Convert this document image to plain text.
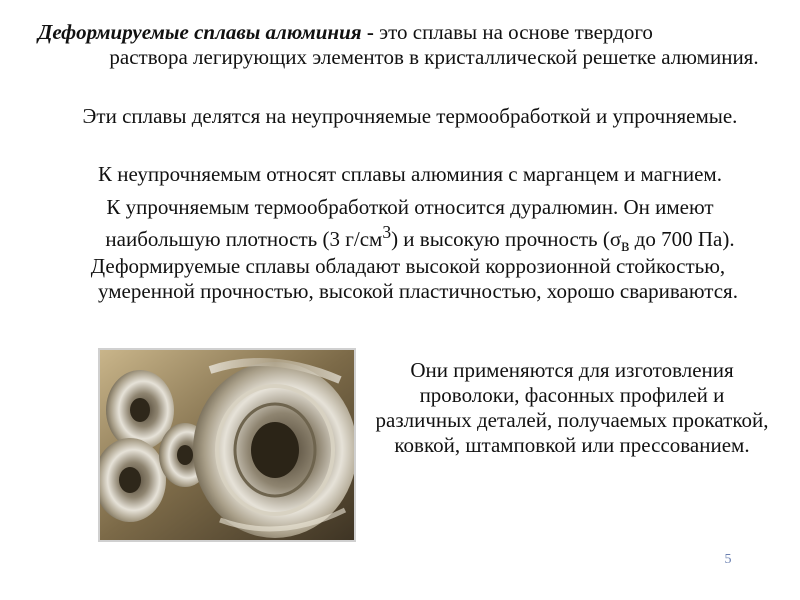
Деформируемые сплавы алюминия - это сплавы на основе твердого
раствора легирующих элементов в кристаллической решетке алюминия.

Эти сплавы делятся на неупрочняемые термообработкой и упрочняемые.

К неупрочняемым относят сплавы алюминия с марганцем и магнием.

К упрочняемым термообработкой относится дуралюмин. Он имеют
наибольшую плотность (3 $г/см^3$) и высокую прочность ($\sigma_в$ до 700 Па).

Деформируемые сплавы обладают высокой коррозионной стойкостью,
умеренной прочностью, высокой пластичностью, хорошо свариваются.

Они применяются для изготовления проволоки, фасонных профилей и различных деталей, получаемых прокаткой, ковкой, штамповкой или прессованием.
5
